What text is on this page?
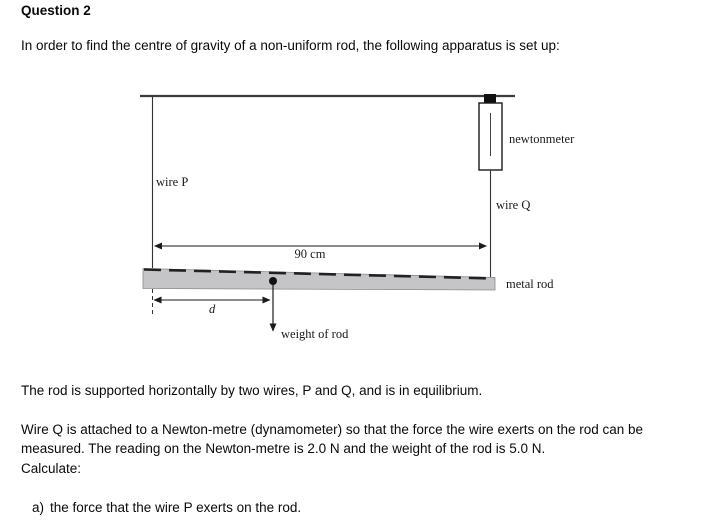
Question 2
In order to find the centre of gravity of a non-uniform rod, the following apparatus is set up:
wire P
newtonmeter
wire Q
90 cm
metal rod
weight of rod
d
The rod is supported horizontally by two wires, P and Q, and is in equilibrium.
Wire Q is attached to a Newton-metre (dynamometer) so that the force the wire exerts on the rod can be
measured. The reading on the Newton-metre is 2.0 N and the weight of the rod is 5.0 N.
Calculate:
a) the force that the wire P exerts on the rod.
